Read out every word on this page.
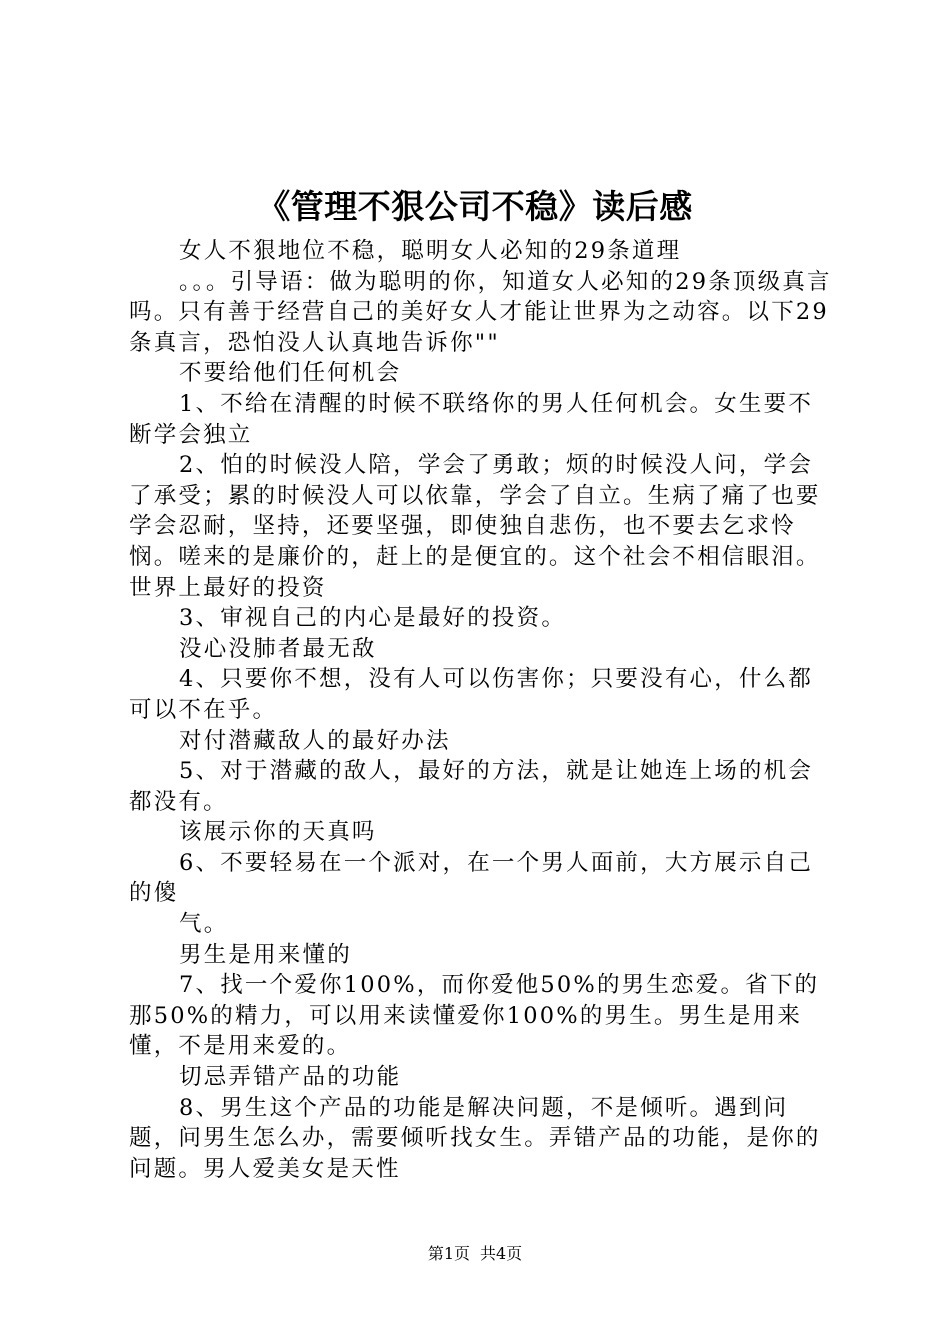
《管理不狠公司不稳》读后感

女人不狠地位不稳，聪明女人必知的29条道理

。。。引导语：做为聪明的你，知道女人必知的29条顶级真言吗。只有善于经营自己的美好女人才能让世界为之动容。以下29条真言，恐怕没人认真地告诉你""

不要给他们任何机会

1、不给在清醒的时候不联络你的男人任何机会。女生要不断学会独立

2、怕的时候没人陪，学会了勇敢；烦的时候没人问，学会了承受；累的时候没人可以依靠，学会了自立。生病了痛了也要学会忍耐，坚持，还要坚强，即使独自悲伤，也不要去乞求怜悯。嗟来的是廉价的，赶上的是便宜的。这个社会不相信眼泪。世界上最好的投资

3、审视自己的内心是最好的投资。

没心没肺者最无敌

4、只要你不想，没有人可以伤害你；只要没有心，什么都可以不在乎。

对付潜藏敌人的最好办法

5、对于潜藏的敌人，最好的方法，就是让她连上场的机会都没有。

该展示你的天真吗

6、不要轻易在一个派对，在一个男人面前，大方展示自己的傻

气。

男生是用来懂的

7、找一个爱你100%，而你爱他50%的男生恋爱。省下的那50%的精力，可以用来读懂爱你100%的男生。男生是用来懂，不是用来爱的。

切忌弄错产品的功能

8、男生这个产品的功能是解决问题，不是倾听。遇到问题，问男生怎么办，需要倾听找女生。弄错产品的功能，是你的问题。男人爱美女是天性

第1页 共4页
